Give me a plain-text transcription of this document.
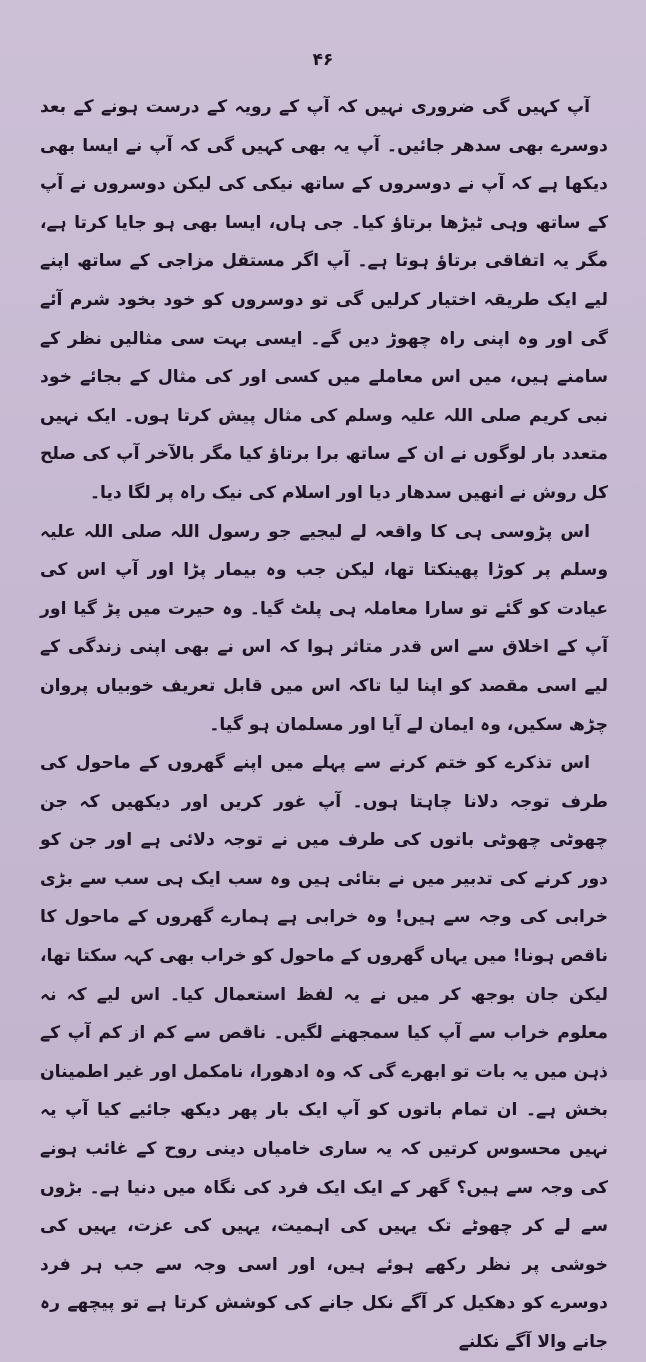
۴۶

آپ کہیں گی ضروری نہیں کہ آپ کے رویہ کے درست ہونے کے بعد دوسرے بھی سدھر جائیں۔ آپ یہ بھی کہیں گی کہ آپ نے ایسا بھی دیکھا ہے کہ آپ نے دوسروں کے ساتھ نیکی کی لیکن دوسروں نے آپ کے ساتھ وہی ٹیڑھا برتاؤ کیا۔ جی ہاں، ایسا بھی ہو جایا کرتا ہے، مگر یہ اتفاقی برتاؤ ہوتا ہے۔ آپ اگر مستقل مزاجی کے ساتھ اپنے لیے ایک طریقہ اختیار کرلیں گی تو دوسروں کو خود بخود شرم آئے گی اور وہ اپنی راہ چھوڑ دیں گے۔ ایسی بہت سی مثالیں نظر کے سامنے ہیں، میں اس معاملے میں کسی اور کی مثال کے بجائے خود نبی کریم صلی اللہ علیہ وسلم کی مثال پیش کرتا ہوں۔ ایک نہیں متعدد بار لوگوں نے ان کے ساتھ برا برتاؤ کیا مگر بالآخر آپ کی صلح کل روش نے انھیں سدھار دیا اور اسلام کی نیک راہ پر لگا دیا۔

اس پڑوسی ہی کا واقعہ لے لیجیے جو رسول اللہ صلی اللہ علیہ وسلم پر کوڑا پھینکتا تھا، لیکن جب وہ بیمار پڑا اور آپ اس کی عیادت کو گئے تو سارا معاملہ ہی پلٹ گیا۔ وہ حیرت میں پڑ گیا اور آپ کے اخلاق سے اس قدر متاثر ہوا کہ اس نے بھی اپنی زندگی کے لیے اسی مقصد کو اپنا لیا تاکہ اس میں قابل تعریف خوبیاں پروان چڑھ سکیں، وہ ایمان لے آیا اور مسلمان ہو گیا۔

اس تذکرے کو ختم کرنے سے پہلے میں اپنے گھروں کے ماحول کی طرف توجہ دلانا چاہتا ہوں۔ آپ غور کریں اور دیکھیں کہ جن چھوٹی چھوٹی باتوں کی طرف میں نے توجہ دلائی ہے اور جن کو دور کرنے کی تدبیر میں نے بتائی ہیں وہ سب ایک ہی سب سے بڑی خرابی کی وجہ سے ہیں! وہ خرابی ہے ہمارے گھروں کے ماحول کا ناقص ہونا! میں یہاں گھروں کے ماحول کو خراب بھی کہہ سکتا تھا، لیکن جان بوجھ کر میں نے یہ لفظ استعمال کیا۔ اس لیے کہ نہ معلوم خراب سے آپ کیا سمجھنے لگیں۔ ناقص سے کم از کم آپ کے ذہن میں یہ بات تو ابھرے گی کہ وہ ادھورا، نامکمل اور غیر اطمینان بخش ہے۔ ان تمام باتوں کو آپ ایک بار پھر دیکھ جائیے کیا آپ یہ نہیں محسوس کرتیں کہ یہ ساری خامیاں دینی روح کے غائب ہونے کی وجہ سے ہیں؟ گھر کے ایک ایک فرد کی نگاہ میں دنیا ہے۔ بڑوں سے لے کر چھوٹے تک یہیں کی اہمیت، یہیں کی عزت، یہیں کی خوشی پر نظر رکھے ہوئے ہیں، اور اسی وجہ سے جب ہر فرد دوسرے کو دھکیل کر آگے نکل جانے کی کوشش کرتا ہے تو پیچھے رہ جانے والا آگے نکلنے
